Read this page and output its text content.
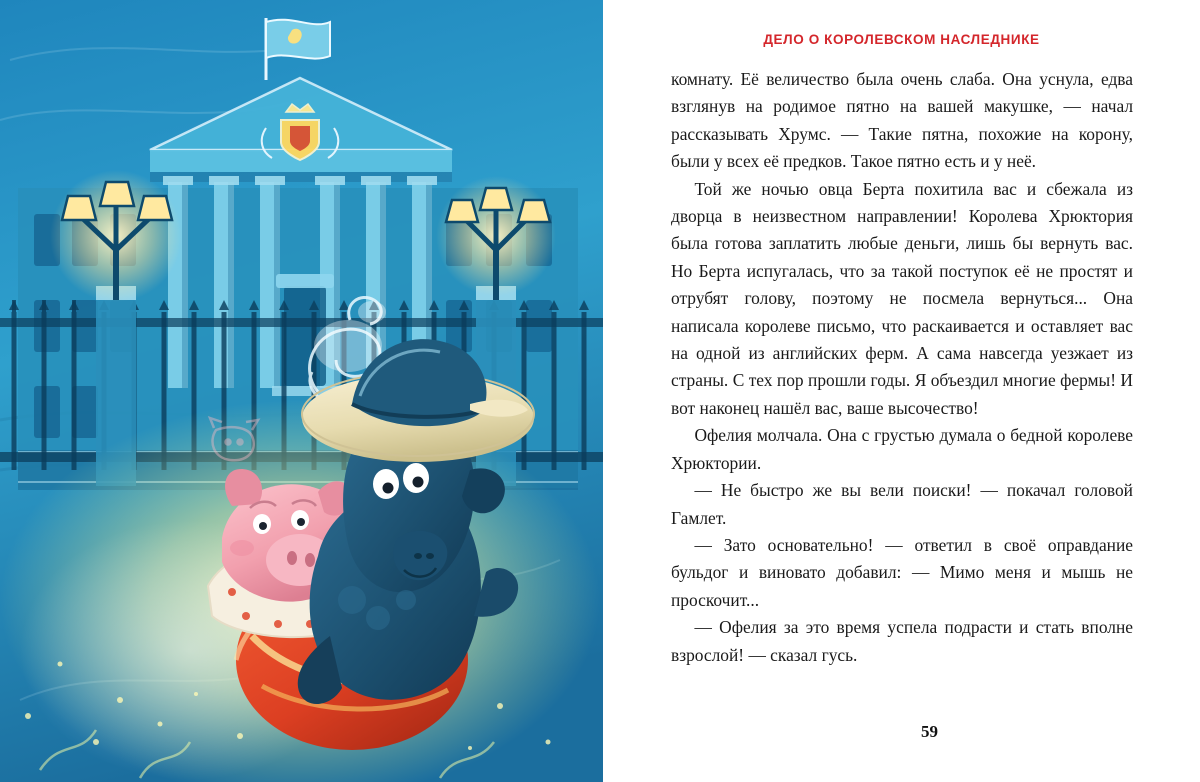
ДЕЛО О КОРОЛЕВСКОМ НАСЛЕДНИКЕ

комнату. Её величество была очень слаба. Она уснула, едва взглянув на родимое пятно на вашей макушке, — начал рассказывать Хрумс. — Такие пятна, похожие на корону, были у всех её предков. Такое пятно есть и у неё.

Той же ночью овца Берта похитила вас и сбежала из дворца в неизвестном направлении! Королева Хрюктория была готова заплатить любые деньги, лишь бы вернуть вас. Но Берта испугалась, что за такой поступок её не простят и отрубят голову, поэтому не посмела вернуться... Она написала королеве письмо, что раскаивается и оставляет вас на одной из английских ферм. А сама навсегда уезжает из страны. С тех пор прошли годы. Я объездил многие фермы! И вот наконец нашёл вас, ваше высочество!

Офелия молчала. Она с грустью думала о бедной королеве Хрюктории.

— Не быстро же вы вели поиски! — покачал головой Гамлет.

— Зато основательно! — ответил в своё оправдание бульдог и виновато добавил: — Мимо меня и мышь не проскочит...

— Офелия за это время успела подрасти и стать вполне взрослой! — сказал гусь.

59
